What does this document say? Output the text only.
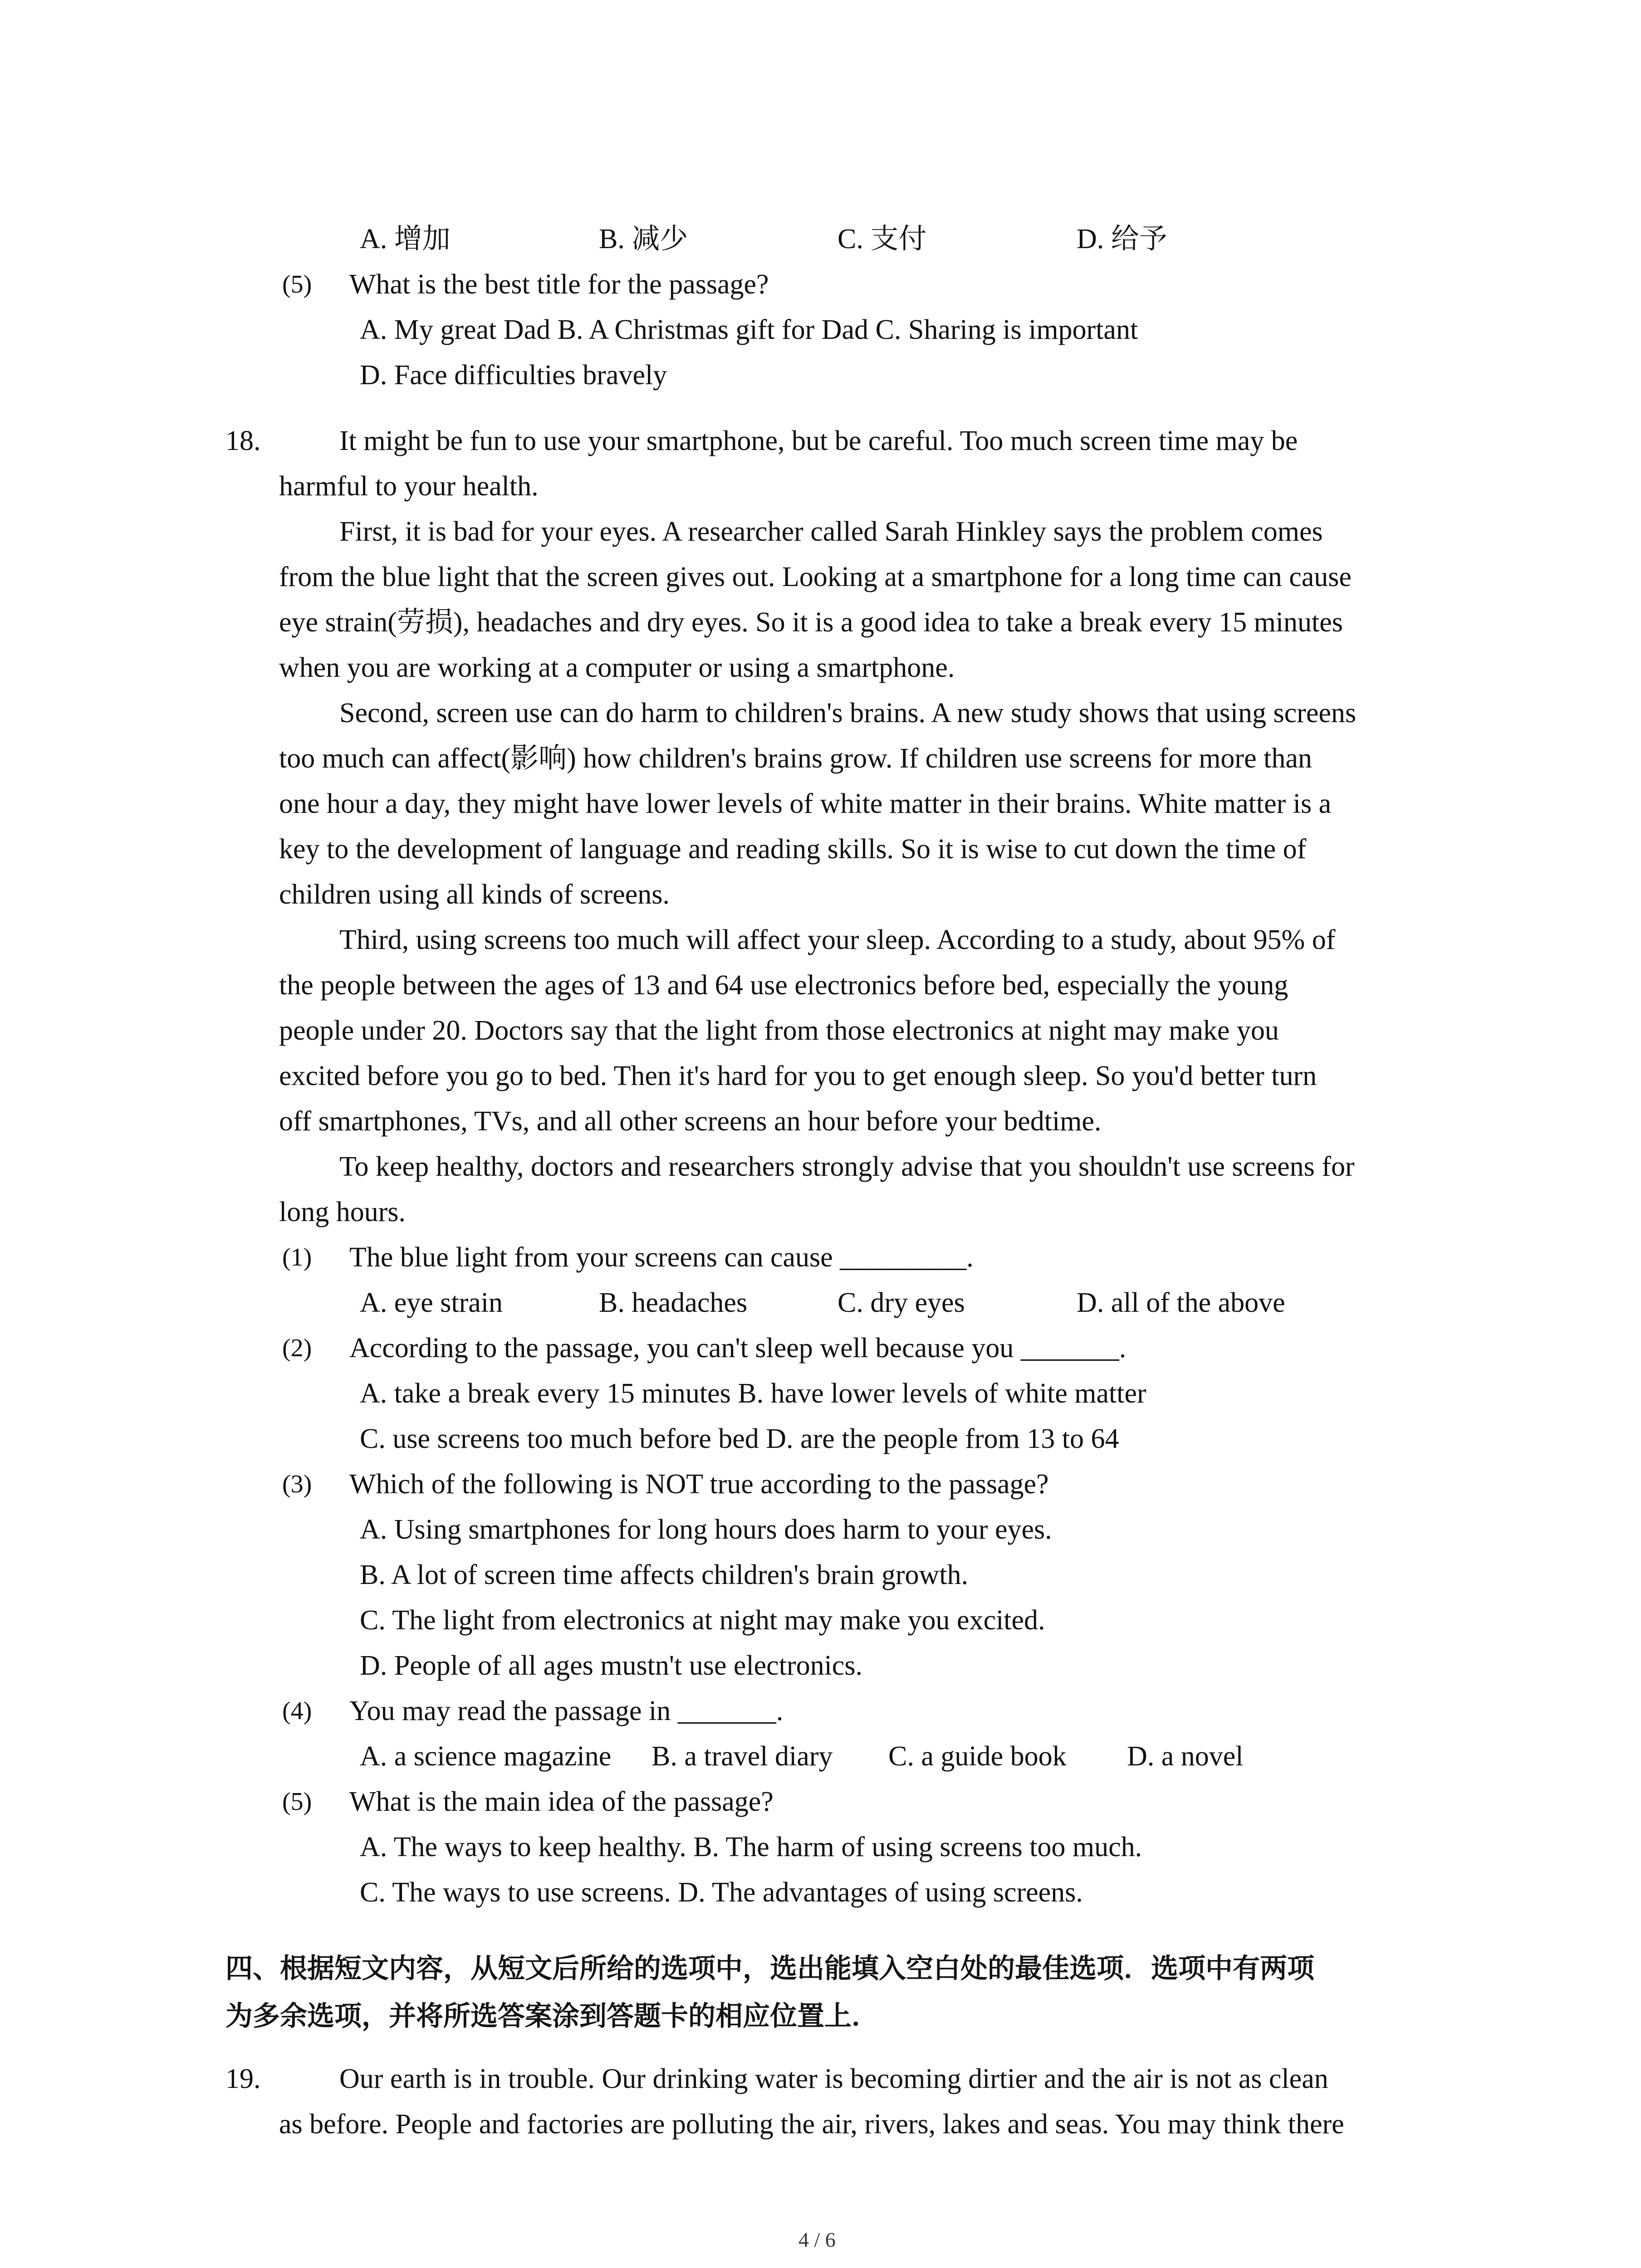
A. 增加	B. 减少	C. 支付	D. 给予
(5) What is the best title for the passage?
A. My great Dad B. A Christmas gift for Dad C. Sharing is important
D. Face difficulties bravely
18.	It might be fun to use your smartphone, but be careful. Too much screen time may be
harmful to your health.
First, it is bad for your eyes. A researcher called Sarah Hinkley says the problem comes
from the blue light that the screen gives out. Looking at a smartphone for a long time can cause
eye strain(劳损), headaches and dry eyes. So it is a good idea to take a break every 15 minutes
when you are working at a computer or using a smartphone.
Second, screen use can do harm to children's brains. A new study shows that using screens
too much can affect(影响) how children's brains grow. If children use screens for more than
one hour a day, they might have lower levels of white matter in their brains. White matter is a
key to the development of language and reading skills. So it is wise to cut down the time of
children using all kinds of screens.
Third, using screens too much will affect your sleep. According to a study, about 95% of
the people between the ages of 13 and 64 use electronics before bed, especially the young
people under 20. Doctors say that the light from those electronics at night may make you
excited before you go to bed. Then it's hard for you to get enough sleep. So you'd better turn
off smartphones, TVs, and all other screens an hour before your bedtime.
To keep healthy, doctors and researchers strongly advise that you shouldn't use screens for
long hours.
(1) The blue light from your screens can cause _________.
A. eye strain	B. headaches	C. dry eyes	D. all of the above
(2) According to the passage, you can't sleep well because you _______.
A. take a break every 15 minutes B. have lower levels of white matter
C. use screens too much before bed D. are the people from 13 to 64
(3) Which of the following is NOT true according to the passage?
A. Using smartphones for long hours does harm to your eyes.
B. A lot of screen time affects children's brain growth.
C. The light from electronics at night may make you excited.
D. People of all ages mustn't use electronics.
(4) You may read the passage in _______.
A. a science magazine B. a travel diary C. a guide book D. a novel
(5) What is the main idea of the passage?
A. The ways to keep healthy. B. The harm of using screens too much.
C. The ways to use screens. D. The advantages of using screens.
四、根据短文内容，从短文后所给的选项中，选出能填入空白处的最佳选项．选项中有两项
为多余选项，并将所选答案涂到答题卡的相应位置上．
19.	Our earth is in trouble. Our drinking water is becoming dirtier and the air is not as clean
as before. People and factories are polluting the air, rivers, lakes and seas. You may think there
4 / 6
